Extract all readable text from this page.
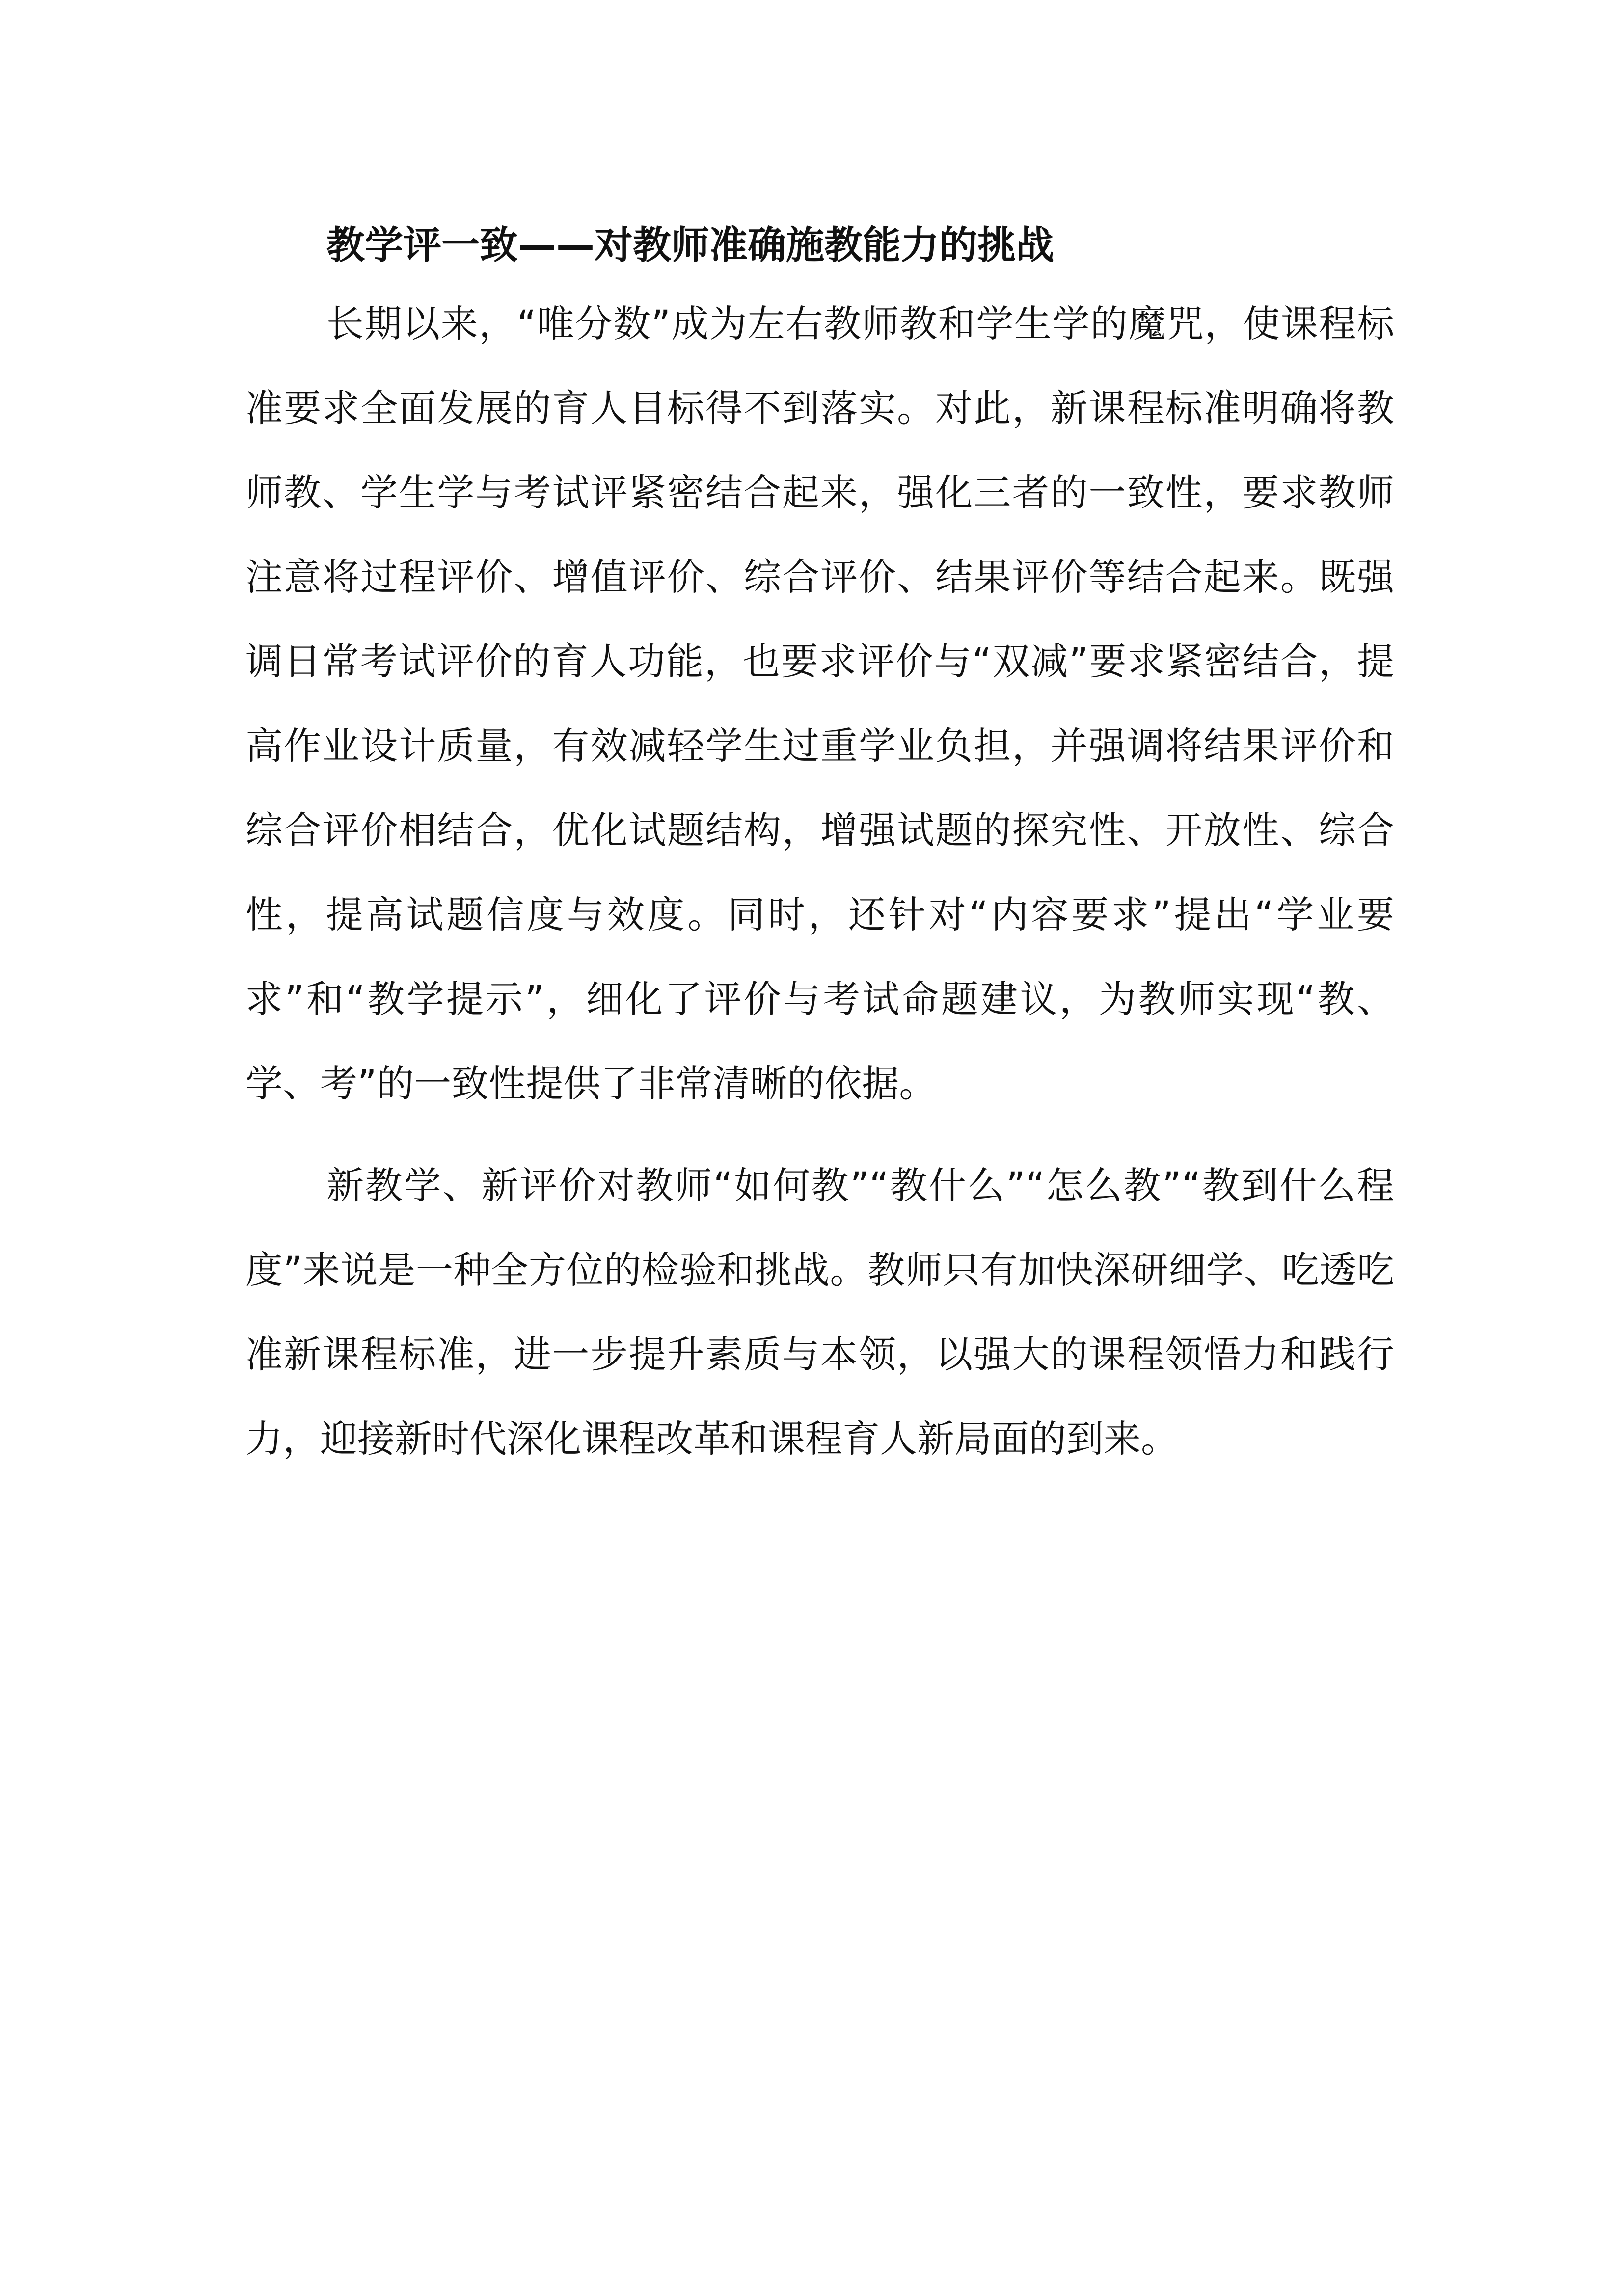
教学评一致——对教师准确施教能力的挑战

长期以来，“唯分数”成为左右教师教和学生学的魔咒，使课程标准要求全面发展的育人目标得不到落实。对此，新课程标准明确将教师教、学生学与考试评紧密结合起来，强化三者的一致性，要求教师注意将过程评价、增值评价、综合评价、结果评价等结合起来。既强调日常考试评价的育人功能，也要求评价与“双减”要求紧密结合，提高作业设计质量，有效减轻学生过重学业负担，并强调将结果评价和综合评价相结合，优化试题结构，增强试题的探究性、开放性、综合性，提高试题信度与效度。同时，还针对“内容要求”提出“学业要求”和“教学提示”，细化了评价与考试命题建议，为教师实现“教、学、考”的一致性提供了非常清晰的依据。

新教学、新评价对教师“如何教”“教什么”“怎么教”“教到什么程度”来说是一种全方位的检验和挑战。教师只有加快深研细学、吃透吃准新课程标准，进一步提升素质与本领，以强大的课程领悟力和践行力，迎接新时代深化课程改革和课程育人新局面的到来。
